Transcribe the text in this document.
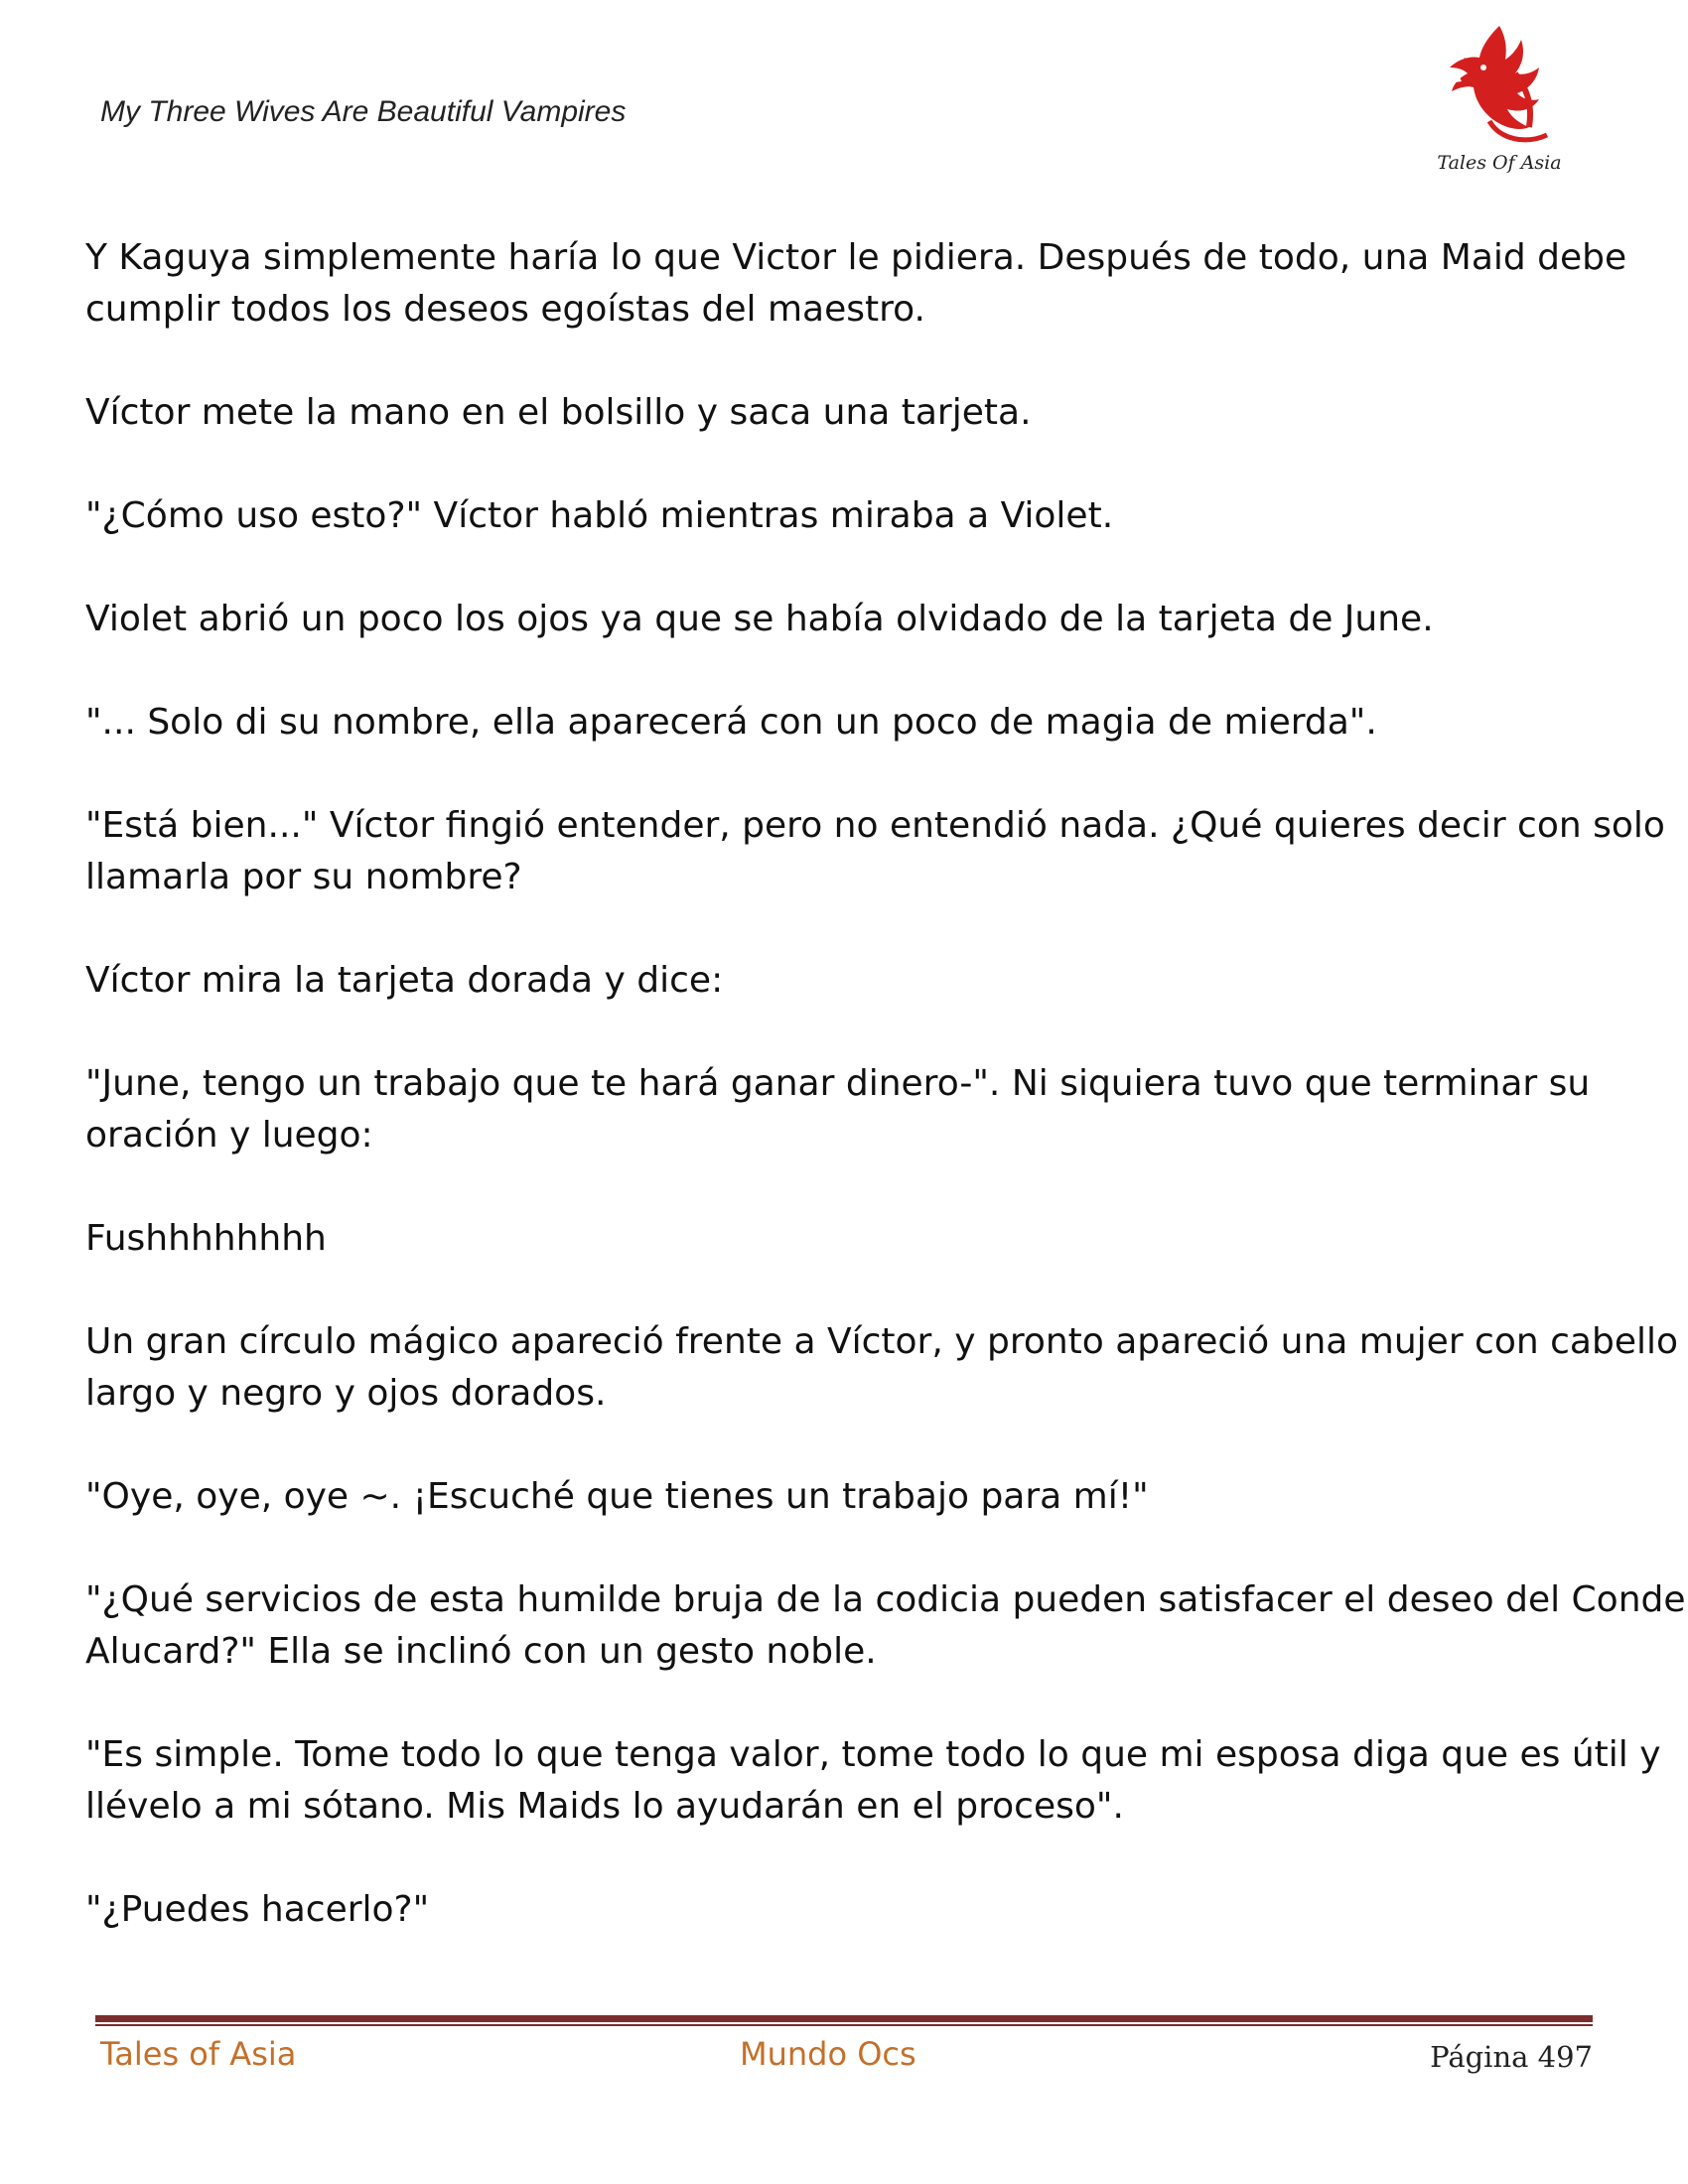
My Three Wives Are Beautiful Vampires
Tales Of Asia

Y Kaguya simplemente haría lo que Victor le pidiera. Después de todo, una Maid debe
cumplir todos los deseos egoístas del maestro.

Víctor mete la mano en el bolsillo y saca una tarjeta.

"¿Cómo uso esto?" Víctor habló mientras miraba a Violet.

Violet abrió un poco los ojos ya que se había olvidado de la tarjeta de June.

"... Solo di su nombre, ella aparecerá con un poco de magia de mierda".

"Está bien..." Víctor fingió entender, pero no entendió nada. ¿Qué quieres decir con solo
llamarla por su nombre?

Víctor mira la tarjeta dorada y dice:

"June, tengo un trabajo que te hará ganar dinero-". Ni siquiera tuvo que terminar su
oración y luego:

Fushhhhhhhh

Un gran círculo mágico apareció frente a Víctor, y pronto apareció una mujer con cabello
largo y negro y ojos dorados.

"Oye, oye, oye ~. ¡Escuché que tienes un trabajo para mí!"

"¿Qué servicios de esta humilde bruja de la codicia pueden satisfacer el deseo del Conde
Alucard?" Ella se inclinó con un gesto noble.

"Es simple. Tome todo lo que tenga valor, tome todo lo que mi esposa diga que es útil y
llévelo a mi sótano. Mis Maids lo ayudarán en el proceso".

"¿Puedes hacerlo?"

Tales of Asia	Mundo Ocs	Página 497
